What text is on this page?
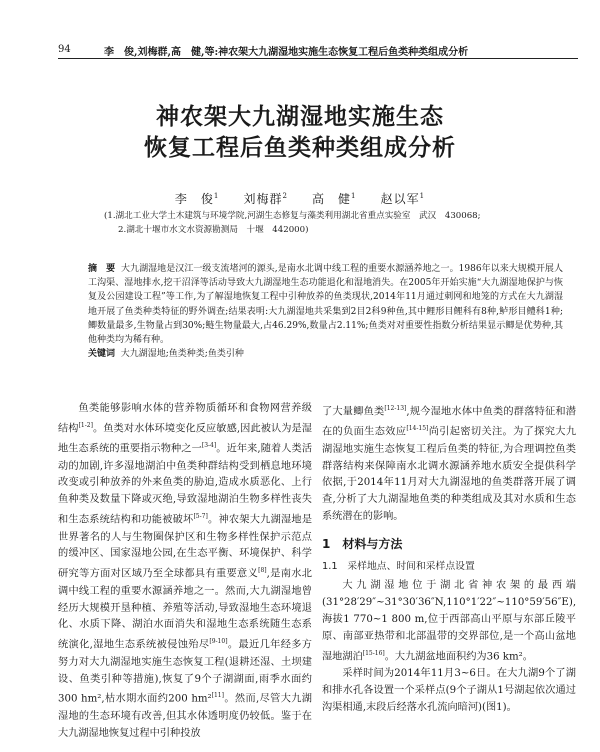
94	李　俊,刘梅群,高　健,等:神农架大九湖湿地实施生态恢复工程后鱼类种类组成分析
神农架大九湖湿地实施生态
恢复工程后鱼类种类组成分析
李　俊$^1$ 刘梅群$^2$ 高　健$^1$ 赵以军$^1$
(1.湖北工业大学土木建筑与环境学院,河湖生态修复与藻类利用湖北省重点实验室　武汉　430068;
2.湖北十堰市水文水资源勘测局　十堰　442000)
摘　要 大九湖湿地是汉江一级支流堵河的源头,是南水北调中线工程的重要水源涵养地之一。1986年以来大规模开展人工沟渠、湿地排水,挖干沼泽等活动导致大九湖湿地生态功能退化和湿地消失。在2005年开始实施“大九湖湿地保护与恢复及公园建设工程”等工作,为了解湿地恢复工程中引种放养的鱼类现状,2014年11月通过刺网和地笼的方式在大九湖湿地开展了鱼类种类特征的野外调查;结果表明:大九湖湿地共采集到2目2科9种鱼,其中鲤形目鲤科有8种,鲈形目鳢科1种;鲫数量最多,生物量占到30%;鲢生物量最大,占46.29%,数量占2.11%;鱼类对对重要性指数分析结果显示鲫是优势种,其他种类均为稀有种。
关键词 大九湖湿地;鱼类种类;鱼类引种

鱼类能够影响水体的营养物质循环和食物网营养级结构[1-2]。鱼类对水体环境变化反应敏感,因此被认为是湿地生态系统的重要指示物种之一[3-4]。近年来,随着人类活动的加剧,许多湿地湖泊中鱼类种群结构受到栖息地环境改变或引种放养的外来鱼类的胁迫,造成水质恶化、上行鱼种类及数量下降或灭绝,导致湿地湖泊生物多样性丧失和生态系统结构和功能被破坏[5-7]。神农架大九湖湿地是世界著名的人与生物圈保护区和生物多样性保护示范点的缓冲区、国家湿地公园,在生态平衡、环境保护、科学研究等方面对区域乃至全球都具有重要意义[8],是南水北调中线工程的重要水源涵养地之一。然而,大九湖湿地曾经历大规模开垦种植、养殖等活动,导致湿地生态环境退化、水质下降、湖泊水面消失和湿地生态系统随生态系统演化,湿地生态系统被侵蚀殆尽[9-10]。最近几年经多方努力对大九湖湿地实施生态恢复工程(退耕还湿、土坝建设、鱼类引种等措施),恢复了9个子湖湖面,雨季水面约300 hm²,枯水期水面约200 hm²[11]。然而,尽管大九湖湿地的生态环境有改善,但其水体透明度仍较低。鉴于在大九湖湿地恢复过程中引种投放

了大量鲫鱼类[12-13],规今湿地水体中鱼类的群落特征和潜在的负面生态效应[14-15]尚引起密切关注。为了探究大九湖湿地实施生态恢复工程后鱼类的特征,为合理调控鱼类群落结构来保障南水北调水源涵养地水质安全提供科学依据,于2014年11月对大九湖湿地的鱼类群落开展了调查,分析了大九湖湿地鱼类的种类组成及其对水质和生态系统潜在的影响。

1　材料与方法
1.1　采样地点、时间和采样点设置

大九湖湿地位于湖北省神农架的最西端(31°28′29″~31°30′36″N,110°1′22″~110°59′56″E),海拔1 770~1 800 m,位于西部高山平原与东部丘陵平原、南部亚热带和北部温带的交界部位,是一个高山盆地湿地湖泊[15-16]。大九湖盆地面积约为36 km²。

采样时间为2014年11月3~6日。在大九湖9个了湖和排水孔各设置一个采样点(9个子湖从1号湖起依次通过沟渠相通,末段后经落水孔流向暗河)(图1)。
